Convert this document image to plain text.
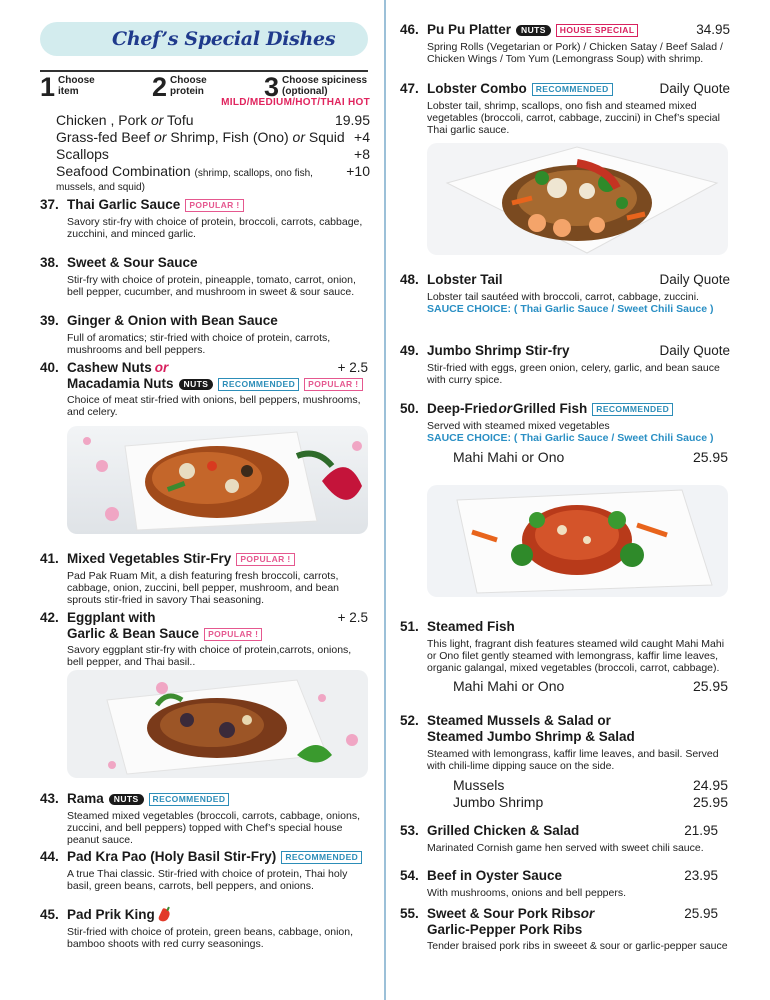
Chef’s Special Dishes
1 Choose
item	2 Choose
protein 3 Choose spiciness
(optional)
MILD/MEDIUM/HOT/THAI HOT
Chicken , Pork or Tofu	19.95
Grass-fed Beef or Shrimp, Fish (Ono) or Squid +4
Scallops	+8
Seafood Combination (shrimp, scallops, ono fish, +10
mussels, and squid)
37. Thai Garlic Sauce	POPULAR !
Savory stir-fry with choice of protein, broccoli, carrots, cabbage, zucchini, and minced garlic.
38. Sweet & Sour Sauce
Stir-fry with choice of protein, pineapple, tomato, carrot, onion, bell pepper, cucumber, and mushroom in sweet & sour sauce.
39. Ginger & Onion with Bean Sauce
Full of aromatics; stir-fried with choice of protein, carrots, mushrooms and bell peppers.
40. Cashew Nuts or	+ 2.5
Macadamia Nuts	NUTS	RECOMMENDED	POPULAR !
Choice of meat stir-fried with onions, bell peppers, mushrooms, and celery.
41. Mixed Vegetables Stir-Fry	POPULAR !
Pad Pak Ruam Mit, a dish featuring fresh broccoli, carrots, cabbage, onion, zuccini, bell pepper, mushroom, and bean sprouts stir-fried in savory Thai seasoning.
42. Eggplant with	+ 2.5
Garlic & Bean Sauce	POPULAR !
Savory eggplant stir-fry with choice of protein,carrots, onions, bell pepper, and Thai basil..
43. Rama	NUTS	RECOMMENDED
Steamed mixed vegetables (broccoli, carrots, cabbage, onions, zuccini, and bell peppers) topped with Chef’s special house peanut sauce.
44. Pad Kra Pao (Holy Basil Stir-Fry)	RECOMMENDED
A true Thai classic. Stir-fried with choice of protein, Thai holy basil, green beans, carrots, bell peppers, and onions.
45. Pad Prik King
Stir-fried with choice of protein, green beans, cabbage, onion, bamboo shoots with red curry seasonings.
46. Pu Pu Platter	NUTS	HOUSE SPECIAL	34.95
Spring Rolls (Vegetarian or Pork) / Chicken Satay / Beef Salad / Chicken Wings / Tom Yum (Lemongrass Soup) with shrimp.
47. Lobster Combo	RECOMMENDED	Daily Quote
Lobster tail, shrimp, scallops, ono fish and steamed mixed vegetables (broccoli, carrot, cabbage, zuccini) in Chef’s special Thai garlic sauce.
48. Lobster Tail	Daily Quote
Lobster tail sautéed with broccoli, carrot, cabbage, zuccini.
SAUCE CHOICE: ( Thai Garlic Sauce / Sweet Chili Sauce )
49. Jumbo Shrimp Stir-fry	Daily Quote
Stir-fried with eggs, green onion, celery, garlic, and bean sauce with curry spice.
50. Deep-Fried or Grilled Fish	RECOMMENDED
Served with steamed mixed vegetables
SAUCE CHOICE: ( Thai Garlic Sauce / Sweet Chili Sauce )
Mahi Mahi or Ono	25.95
51. Steamed Fish
This light, fragrant dish features steamed wild caught Mahi Mahi or Ono filet gently steamed with lemongrass, kaffir lime leaves, organic galangal, mixed vegetables (broccoli, carrot, cabbage).
Mahi Mahi or Ono	25.95
52. Steamed Mussels & Salad or
Steamed Jumbo Shrimp & Salad
Steamed with lemongrass, kaffir lime leaves, and basil. Served with chili-lime dipping sauce on the side.
Mussels	24.95
Jumbo Shrimp	25.95
53. Grilled Chicken & Salad	21.95
Marinated Cornish game hen served with sweet chili sauce.
54. Beef in Oyster Sauce	23.95
With mushrooms, onions and bell peppers.
55. Sweet & Sour Pork Ribs or	25.95
Garlic-Pepper Pork Ribs
Tender braised pork ribs in sweeet & sour or garlic-pepper sauce
